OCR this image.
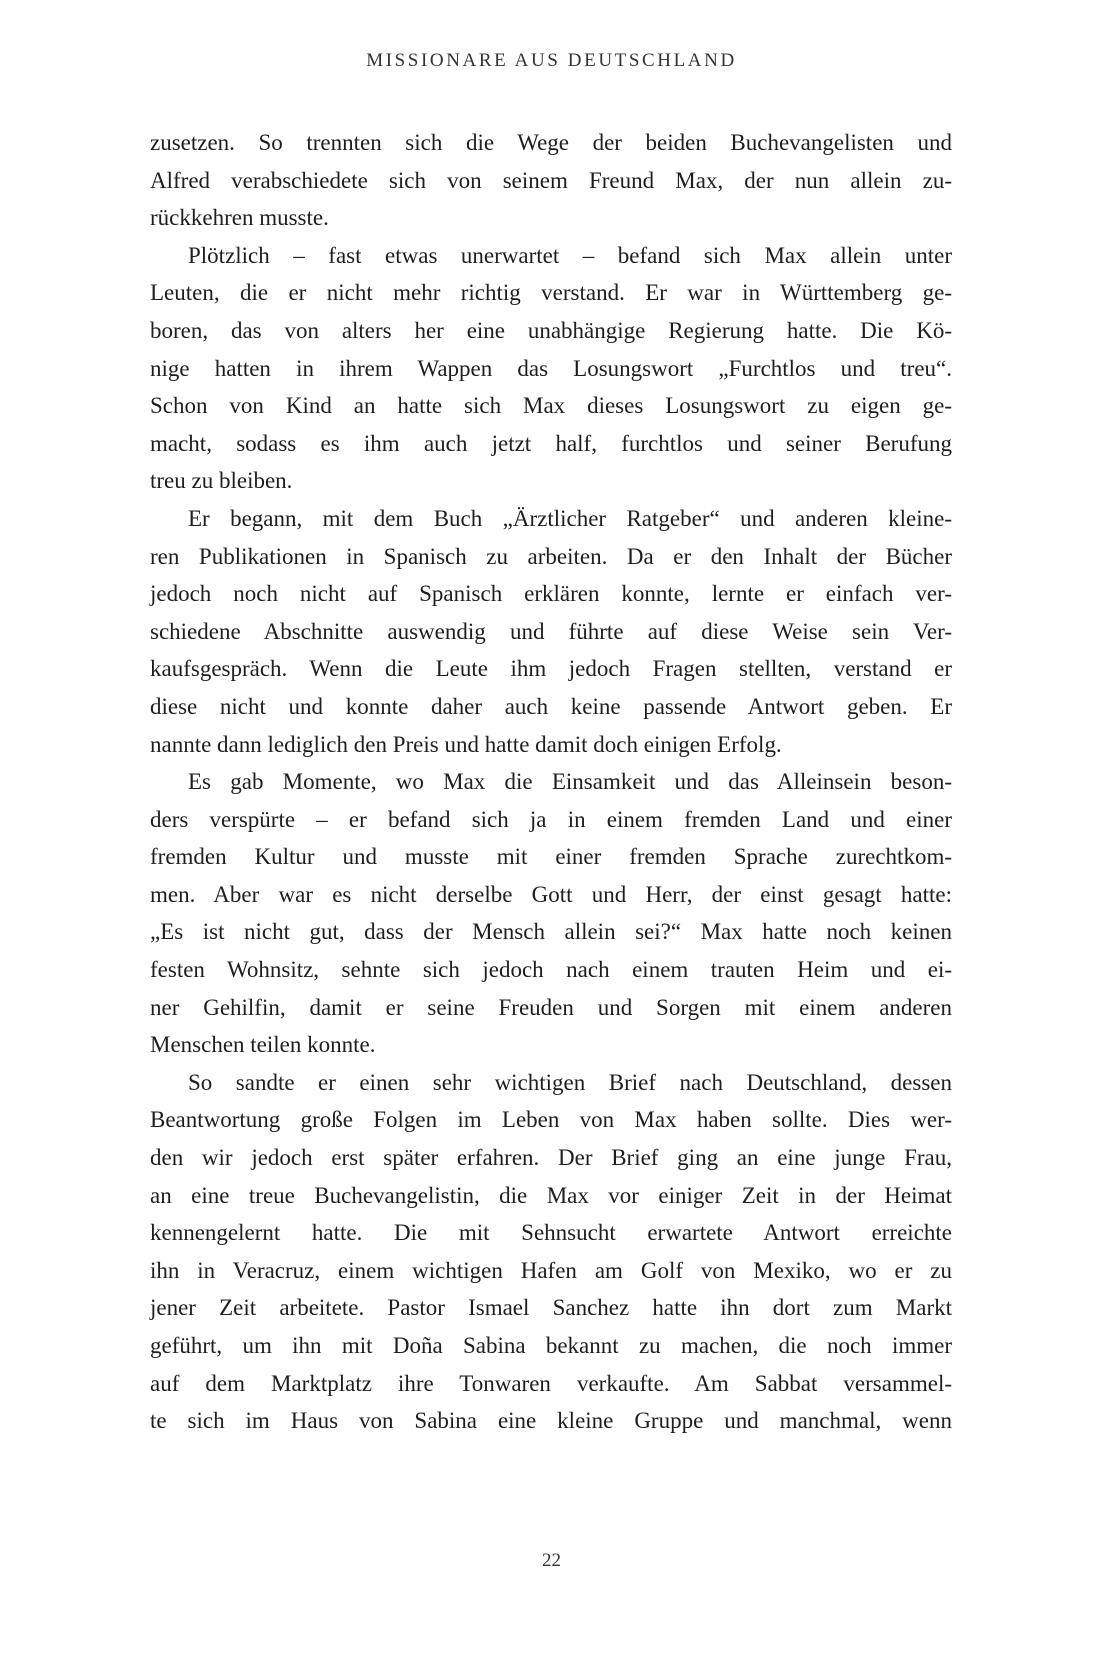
MISSIONARE AUS DEUTSCHLAND

zusetzen. So trennten sich die Wege der beiden Buchevangelisten und
Alfred verabschiedete sich von seinem Freund Max, der nun allein zu-
rückkehren musste.

Plötzlich – fast etwas unerwartet – befand sich Max allein unter
Leuten, die er nicht mehr richtig verstand. Er war in Württemberg ge-
boren, das von alters her eine unabhängige Regierung hatte. Die Kö-
nige hatten in ihrem Wappen das Losungswort „Furchtlos und treu“.
Schon von Kind an hatte sich Max dieses Losungswort zu eigen ge-
macht, sodass es ihm auch jetzt half, furchtlos und seiner Berufung
treu zu bleiben.

Er begann, mit dem Buch „Ärztlicher Ratgeber“ und anderen kleine-
ren Publikationen in Spanisch zu arbeiten. Da er den Inhalt der Bücher
jedoch noch nicht auf Spanisch erklären konnte, lernte er einfach ver-
schiedene Abschnitte auswendig und führte auf diese Weise sein Ver-
kaufsgespräch. Wenn die Leute ihm jedoch Fragen stellten, verstand er
diese nicht und konnte daher auch keine passende Antwort geben. Er
nannte dann lediglich den Preis und hatte damit doch einigen Erfolg.

Es gab Momente, wo Max die Einsamkeit und das Alleinsein beson-
ders verspürte – er befand sich ja in einem fremden Land und einer
fremden Kultur und musste mit einer fremden Sprache zurechtkom-
men. Aber war es nicht derselbe Gott und Herr, der einst gesagt hatte:
„Es ist nicht gut, dass der Mensch allein sei?“ Max hatte noch keinen
festen Wohnsitz, sehnte sich jedoch nach einem trauten Heim und ei-
ner Gehilfin, damit er seine Freuden und Sorgen mit einem anderen
Menschen teilen konnte.

So sandte er einen sehr wichtigen Brief nach Deutschland, dessen
Beantwortung große Folgen im Leben von Max haben sollte. Dies wer-
den wir jedoch erst später erfahren. Der Brief ging an eine junge Frau,
an eine treue Buchevangelistin, die Max vor einiger Zeit in der Heimat
kennengelernt hatte. Die mit Sehnsucht erwartete Antwort erreichte
ihn in Veracruz, einem wichtigen Hafen am Golf von Mexiko, wo er zu
jener Zeit arbeitete. Pastor Ismael Sanchez hatte ihn dort zum Markt
geführt, um ihn mit Doña Sabina bekannt zu machen, die noch immer
auf dem Marktplatz ihre Tonwaren verkaufte. Am Sabbat versammel-
te sich im Haus von Sabina eine kleine Gruppe und manchmal, wenn

22
